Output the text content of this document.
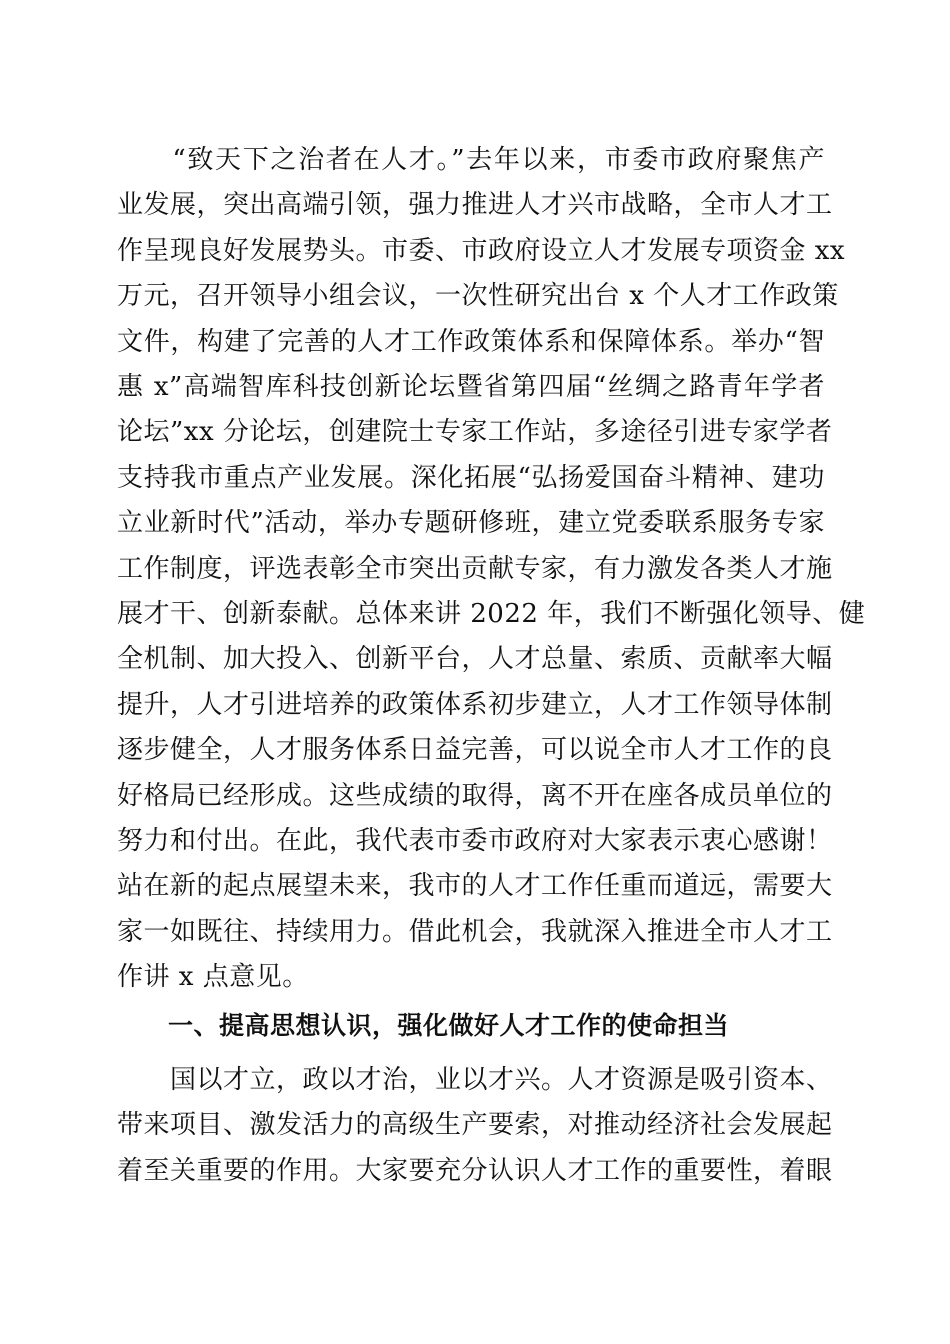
　　“致天下之治者在人才。”去年以来，市委市政府聚焦产
业发展，突出高端引领，强力推进人才兴市战略，全市人才工
作呈现良好发展势头。市委、市政府设立人才发展专项资金 xx
万元，召开领导小组会议，一次性研究出台 x 个人才工作政策
文件，构建了完善的人才工作政策体系和保障体系。举办“智
惠 x”高端智库科技创新论坛暨省第四届“丝绸之路青年学者
论坛”xx 分论坛，创建院士专家工作站，多途径引进专家学者
支持我市重点产业发展。深化拓展“弘扬爱国奋斗精神、建功
立业新时代”活动，举办专题研修班，建立党委联系服务专家
工作制度，评选表彰全市突出贡献专家，有力激发各类人才施
展才干、创新泰献。总体来讲 2022 年，我们不断强化领导、健
全机制、加大投入、创新平台，人才总量、索质、贡献率大幅
提升，人才引进培养的政策体系初步建立，人才工作领导体制
逐步健全，人才服务体系日益完善，可以说全市人才工作的良
好格局已经形成。这些成绩的取得，离不开在座各成员单位的
努力和付出。在此，我代表市委市政府对大家表示衷心感谢！
站在新的起点展望未来，我市的人才工作任重而道远，需要大
家一如既往、持续用力。借此机会，我就深入推进全市人才工
作讲 x 点意见。
　　一、提高思想认识，强化做好人才工作的使命担当
　　国以才立，政以才治，业以才兴。人才资源是吸引资本、
带来项目、激发活力的高级生产要索，对推动经济社会发展起
着至关重要的作用。大家要充分认识人才工作的重要性，着眼
